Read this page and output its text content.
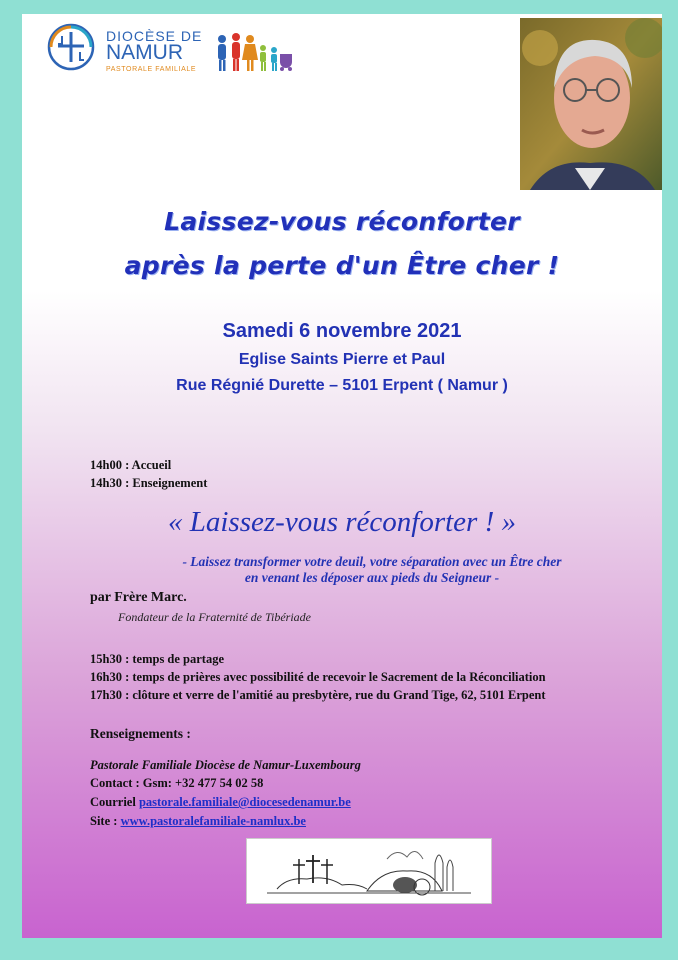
DIOCÈSE DE
NAMUR
PASTORALE FAMILIALE
Laissez-vous réconforter
après la perte d'un Être cher !
Samedi 6 novembre 2021
Eglise Saints Pierre et Paul
Rue Régnié Durette – 5101 Erpent ( Namur )
14h00 : Accueil
14h30 : Enseignement
« Laissez-vous réconforter ! »
- Laissez transformer votre deuil, votre séparation avec un Être cher
en venant les déposer aux pieds du Seigneur -
par Frère Marc.
Fondateur de la Fraternité de Tibériade
15h30 : temps de partage
16h30 : temps de prières avec possibilité de recevoir le Sacrement de la Réconciliation
17h30 : clôture et verre de l'amitié au presbytère, rue du Grand Tige, 62, 5101 Erpent
Renseignements :
Pastorale Familiale Diocèse de Namur-Luxembourg
Contact : Gsm: +32 477 54 02 58
Courriel pastorale.familiale@diocesedenamur.be
Site : www.pastoralefamiliale-namlux.be
